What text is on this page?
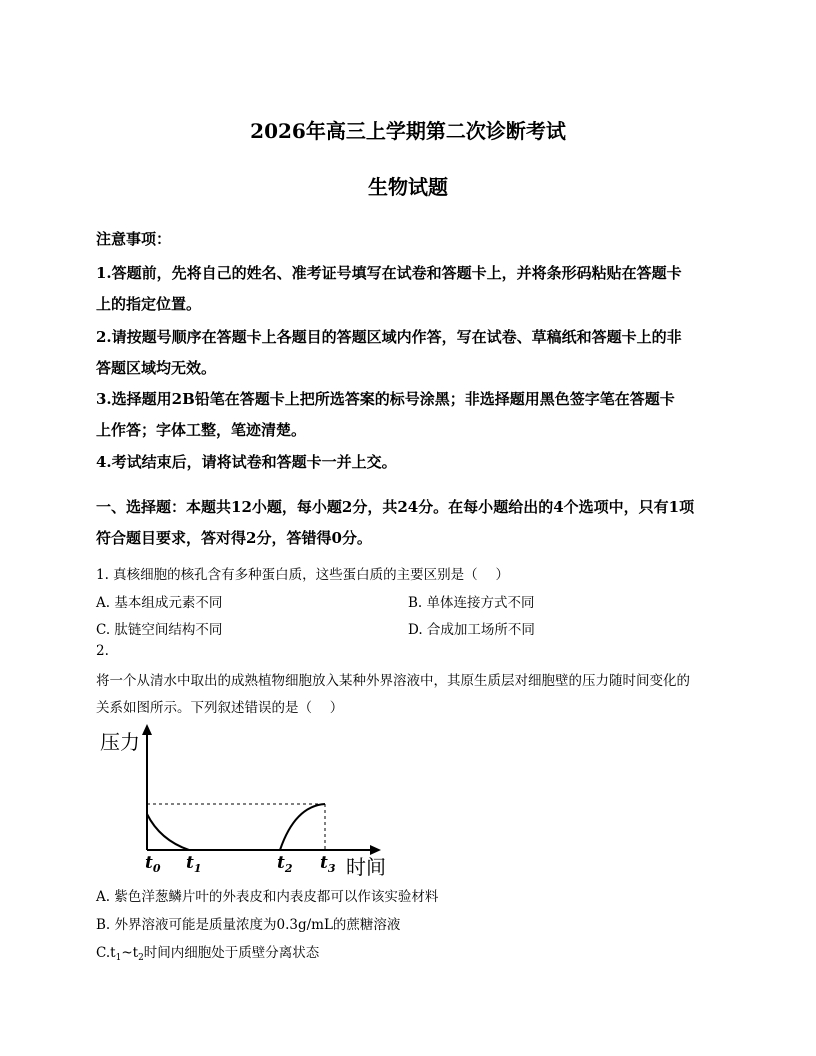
2026年高三上学期第二次诊断考试
生物试题
注意事项：
1.答题前，先将自己的姓名、准考证号填写在试卷和答题卡上，并将条形码粘贴在答题卡
上的指定位置。
2.请按题号顺序在答题卡上各题目的答题区域内作答，写在试卷、草稿纸和答题卡上的非
答题区域均无效。
3.选择题用2B铅笔在答题卡上把所选答案的标号涂黑；非选择题用黑色签字笔在答题卡
上作答；字体工整，笔迹清楚。
4.考试结束后，请将试卷和答题卡一并上交。
一、选择题：本题共12小题，每小题2分，共24分。在每小题给出的4个选项中，只有1项
符合题目要求，答对得2分，答错得0分。
1. 真核细胞的核孔含有多种蛋白质，这些蛋白质的主要区别是（　 ）
A. 基本组成元素不同	B. 单体连接方式不同
C. 肽链空间结构不同	D. 合成加工场所不同
2.
将一个从清水中取出的成熟植物细胞放入某种外界溶液中，其原生质层对细胞壁的压力随时间变化的
关系如图所示。下列叙述错误的是（　 ）
压力
时间
$t_0$ $t_1$	$t_2$ $t_3$
A. 紫色洋葱鳞片叶的外表皮和内表皮都可以作该实验材料
B. 外界溶液可能是质量浓度为0.3g/mL的蔗糖溶液
$C.t_1\sim t_2$时间内细胞处于质壁分离状态
